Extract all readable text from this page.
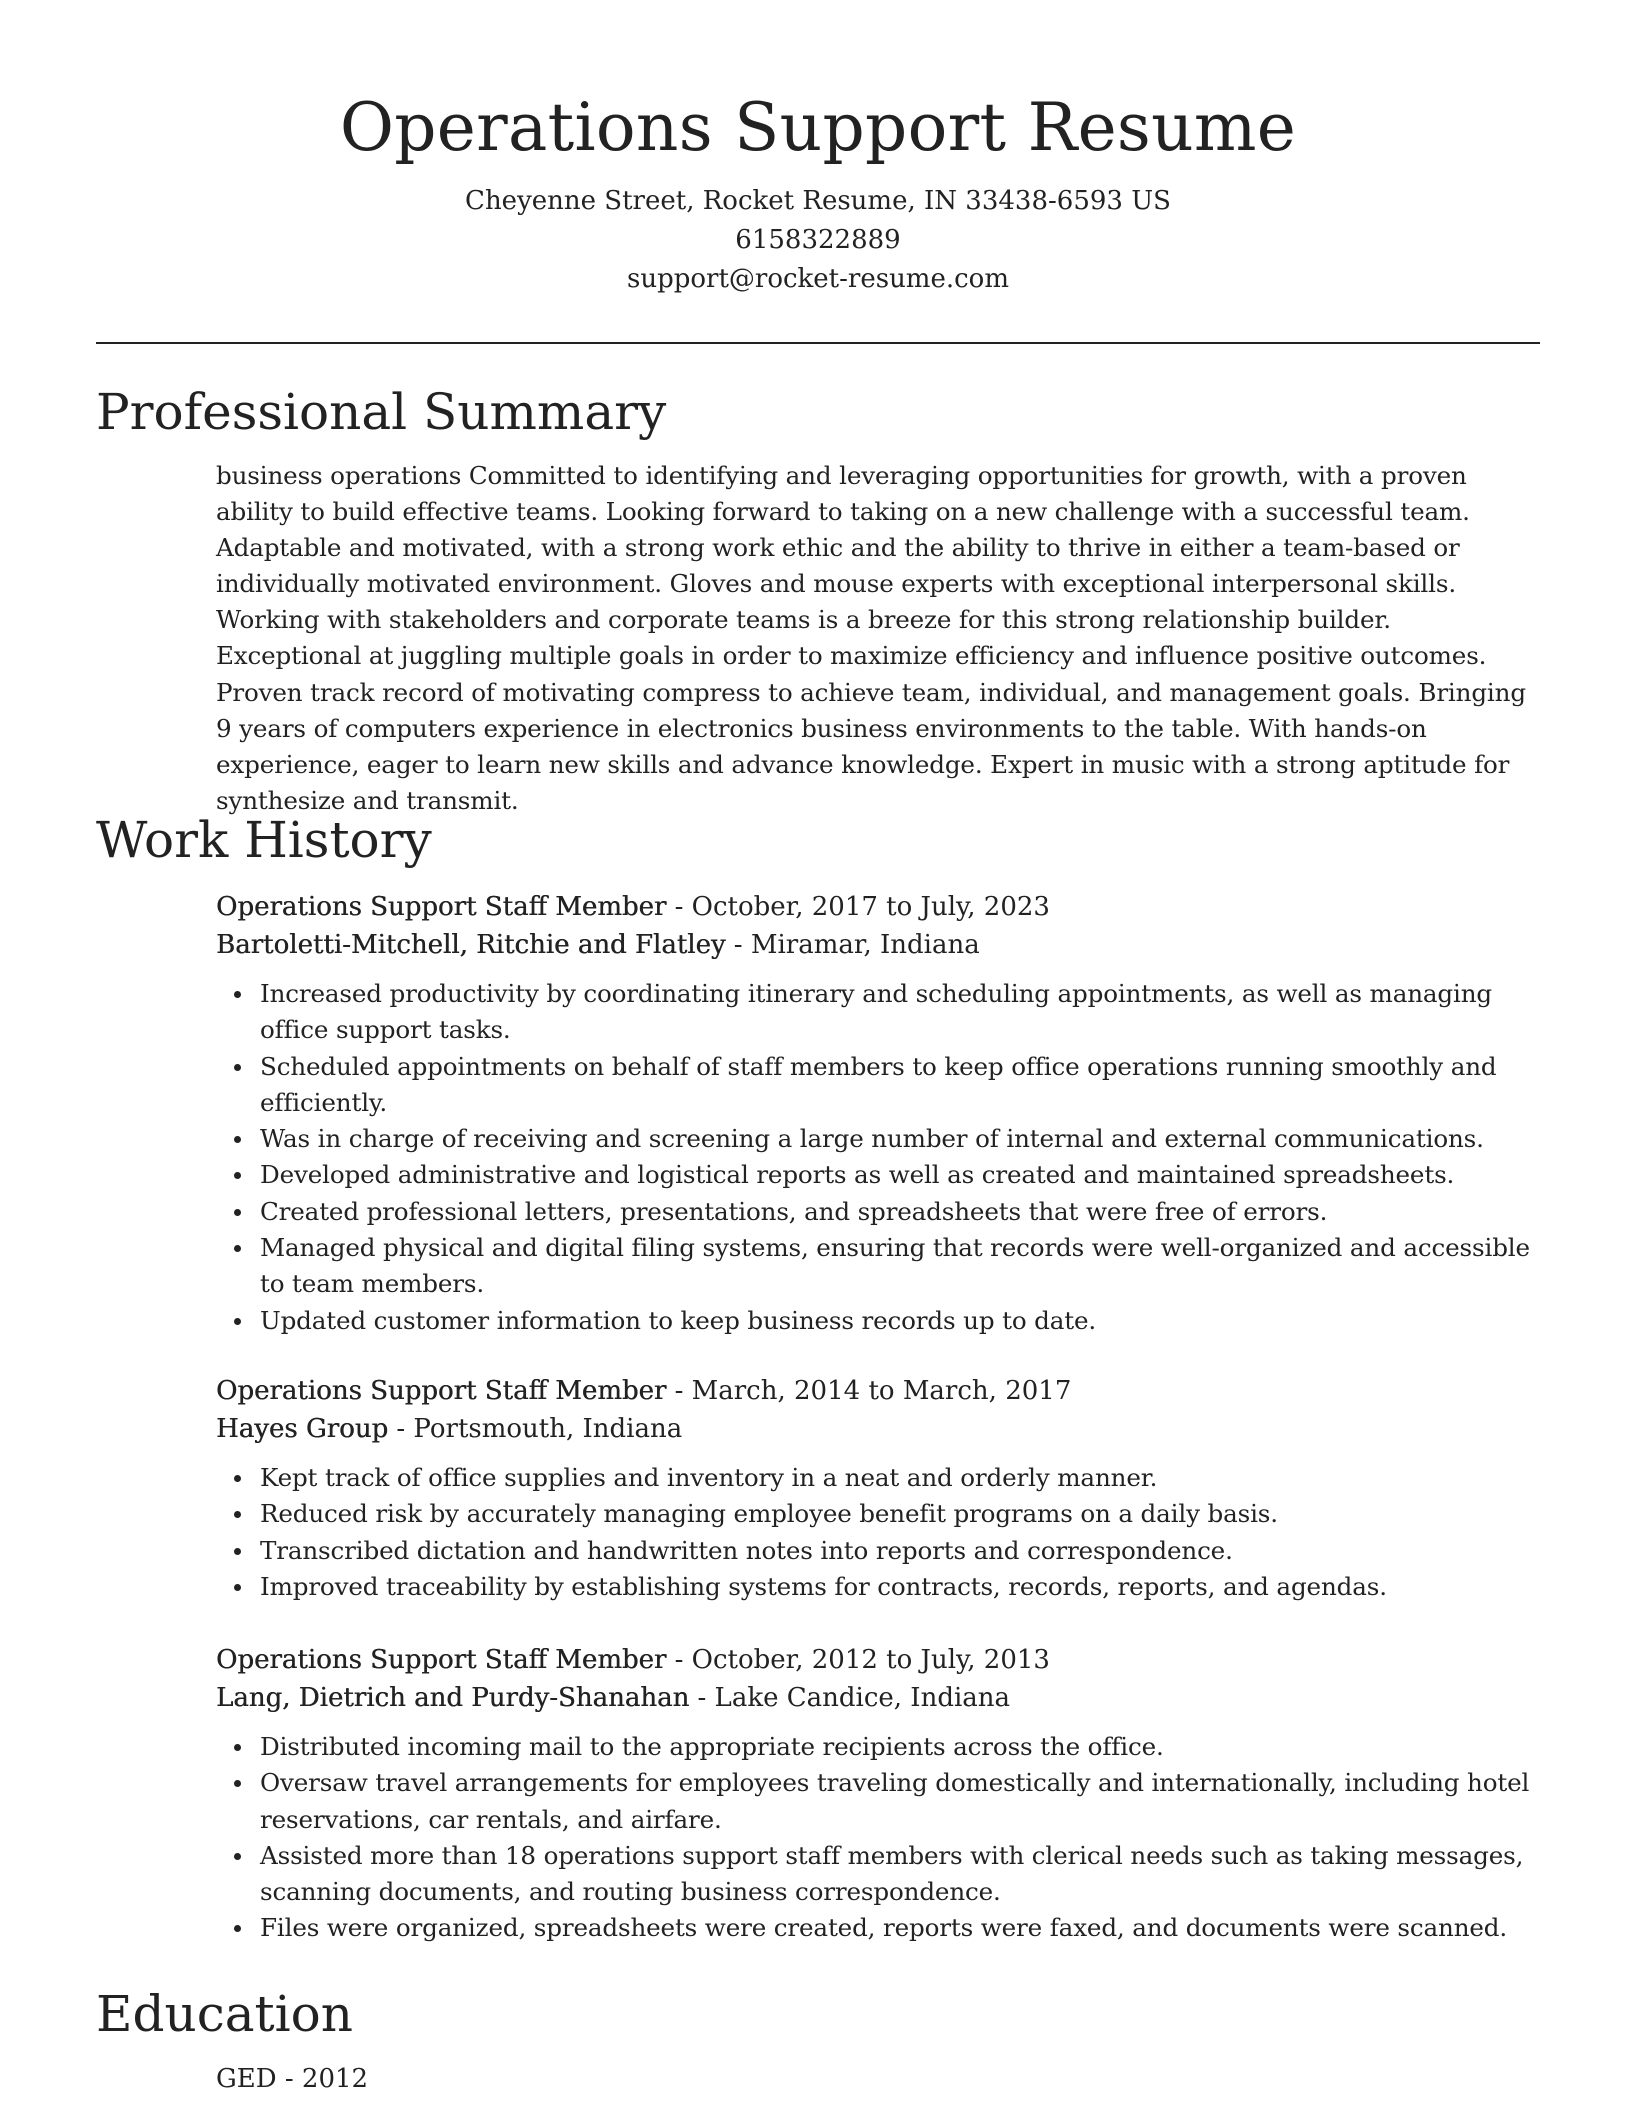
Operations Support Resume
Cheyenne Street, Rocket Resume, IN 33438-6593 US
6158322889
support@rocket-resume.com
Professional Summary

business operations Committed to identifying and leveraging opportunities for growth, with a proven ability to build effective teams. Looking forward to taking on a new challenge with a successful team. Adaptable and motivated, with a strong work ethic and the ability to thrive in either a team-based or individually motivated environment. Gloves and mouse experts with exceptional interpersonal skills. Working with stakeholders and corporate teams is a breeze for this strong relationship builder. Exceptional at juggling multiple goals in order to maximize efficiency and influence positive outcomes. Proven track record of motivating compress to achieve team, individual, and management goals. Bringing 9 years of computers experience in electronics business environments to the table. With hands-on experience, eager to learn new skills and advance knowledge. Expert in music with a strong aptitude for synthesize and transmit.

Work History
Operations Support Staff Member - October, 2017 to July, 2023
Bartoletti-Mitchell, Ritchie and Flatley - Miramar, Indiana
Increased productivity by coordinating itinerary and scheduling appointments, as well as managing office support tasks.
Scheduled appointments on behalf of staff members to keep office operations running smoothly and efficiently.
Was in charge of receiving and screening a large number of internal and external communications.
Developed administrative and logistical reports as well as created and maintained spreadsheets.
Created professional letters, presentations, and spreadsheets that were free of errors.
Managed physical and digital filing systems, ensuring that records were well-organized and accessible to team members.
Updated customer information to keep business records up to date.
Operations Support Staff Member - March, 2014 to March, 2017
Hayes Group - Portsmouth, Indiana
Kept track of office supplies and inventory in a neat and orderly manner.
Reduced risk by accurately managing employee benefit programs on a daily basis.
Transcribed dictation and handwritten notes into reports and correspondence.
Improved traceability by establishing systems for contracts, records, reports, and agendas.
Operations Support Staff Member - October, 2012 to July, 2013
Lang, Dietrich and Purdy-Shanahan - Lake Candice, Indiana
Distributed incoming mail to the appropriate recipients across the office.
Oversaw travel arrangements for employees traveling domestically and internationally, including hotel reservations, car rentals, and airfare.
Assisted more than 18 operations support staff members with clerical needs such as taking messages, scanning documents, and routing business correspondence.
Files were organized, spreadsheets were created, reports were faxed, and documents were scanned.
Education
GED - 2012
